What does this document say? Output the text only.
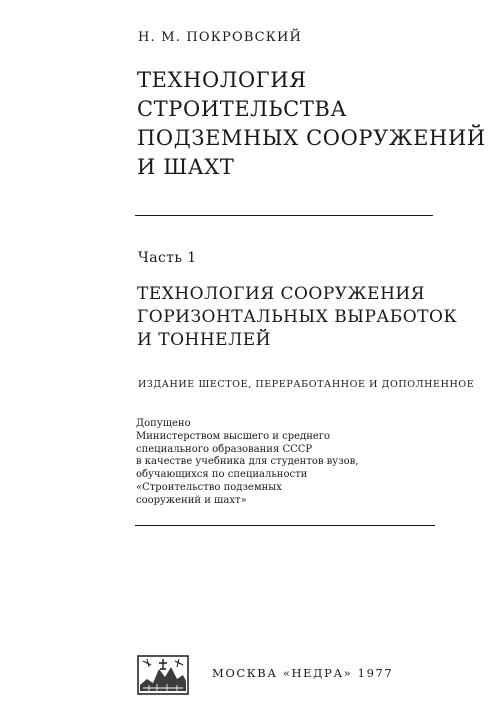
Н. М. ПОКРОВСКИЙ

ТЕХНОЛОГИЯ
СТРОИТЕЛЬСТВА
ПОДЗЕМНЫХ СООРУЖЕНИЙ
И ШАХТ

Часть 1

ТЕХНОЛОГИЯ СООРУЖЕНИЯ
ГОРИЗОНТАЛЬНЫХ ВЫРАБОТОК
И ТОННЕЛЕЙ

ИЗДАНИЕ ШЕСТОЕ, ПЕРЕРАБОТАННОЕ И ДОПОЛНЕННОЕ

Допущено
Министерством высшего и среднего
специального образования СССР
в качестве учебника для студентов вузов,
обучающихся по специальности
«Строительство подземных
сооружений и шахт»

МОСКВА «НЕДРА» 1977
